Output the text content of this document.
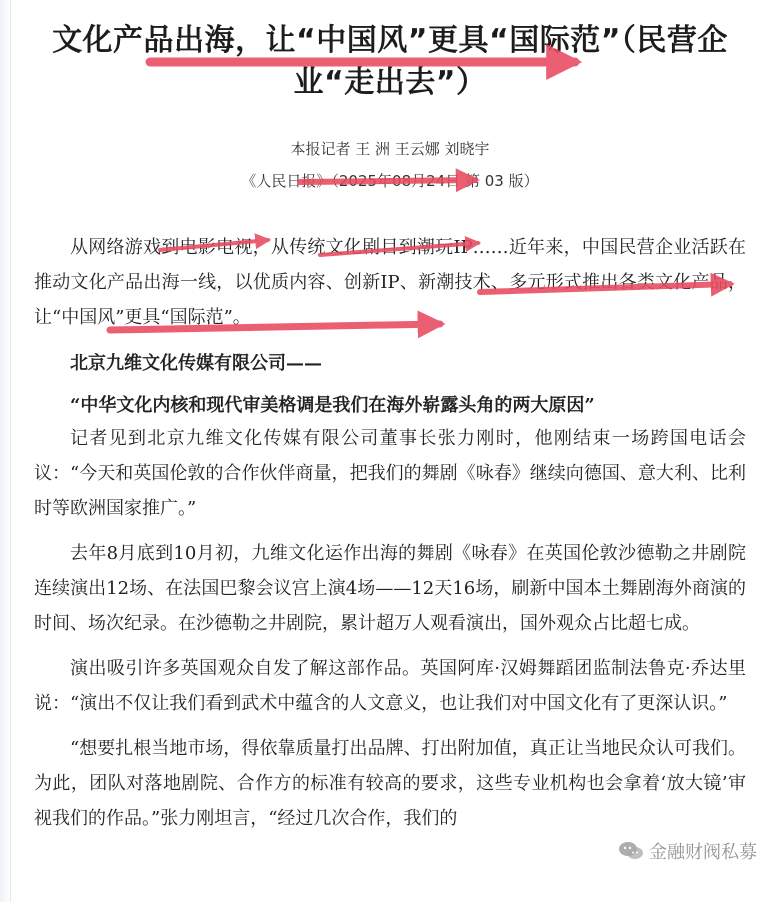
文化产品出海，让“中国风”更具“国际范”（民营企业“走出去”）
本报记者 王 洲 王云娜 刘晓宇
《人民日报》（2025年08月24日 第 03 版）

从网络游戏到电影电视，从传统文化剧目到潮玩IP……近年来，中国民营企业活跃在推动文化产品出海一线，以优质内容、创新IP、新潮技术、多元形式推出各类文化产品，让“中国风”更具“国际范”。

北京九维文化传媒有限公司——
“中华文化内核和现代审美格调是我们在海外崭露头角的两大原因”

记者见到北京九维文化传媒有限公司董事长张力刚时，他刚结束一场跨国电话会议：“今天和英国伦敦的合作伙伴商量，把我们的舞剧《咏春》继续向德国、意大利、比利时等欧洲国家推广。”

去年8月底到10月初，九维文化运作出海的舞剧《咏春》在英国伦敦沙德勒之井剧院连续演出12场、在法国巴黎会议宫上演4场——12天16场，刷新中国本土舞剧海外商演的时间、场次纪录。在沙德勒之井剧院，累计超万人观看演出，国外观众占比超七成。

演出吸引许多英国观众自发了解这部作品。英国阿库·汉姆舞蹈团监制法鲁克·乔达里说：“演出不仅让我们看到武术中蕴含的人文意义，也让我们对中国文化有了更深认识。”

“想要扎根当地市场，得依靠质量打出品牌、打出附加值，真正让当地民众认可我们。为此，团队对落地剧院、合作方的标准有较高的要求，这些专业机构也会拿着‘放大镜’审视我们的作品。”张力刚坦言，“经过几次合作，我们的

金融财阀私募
